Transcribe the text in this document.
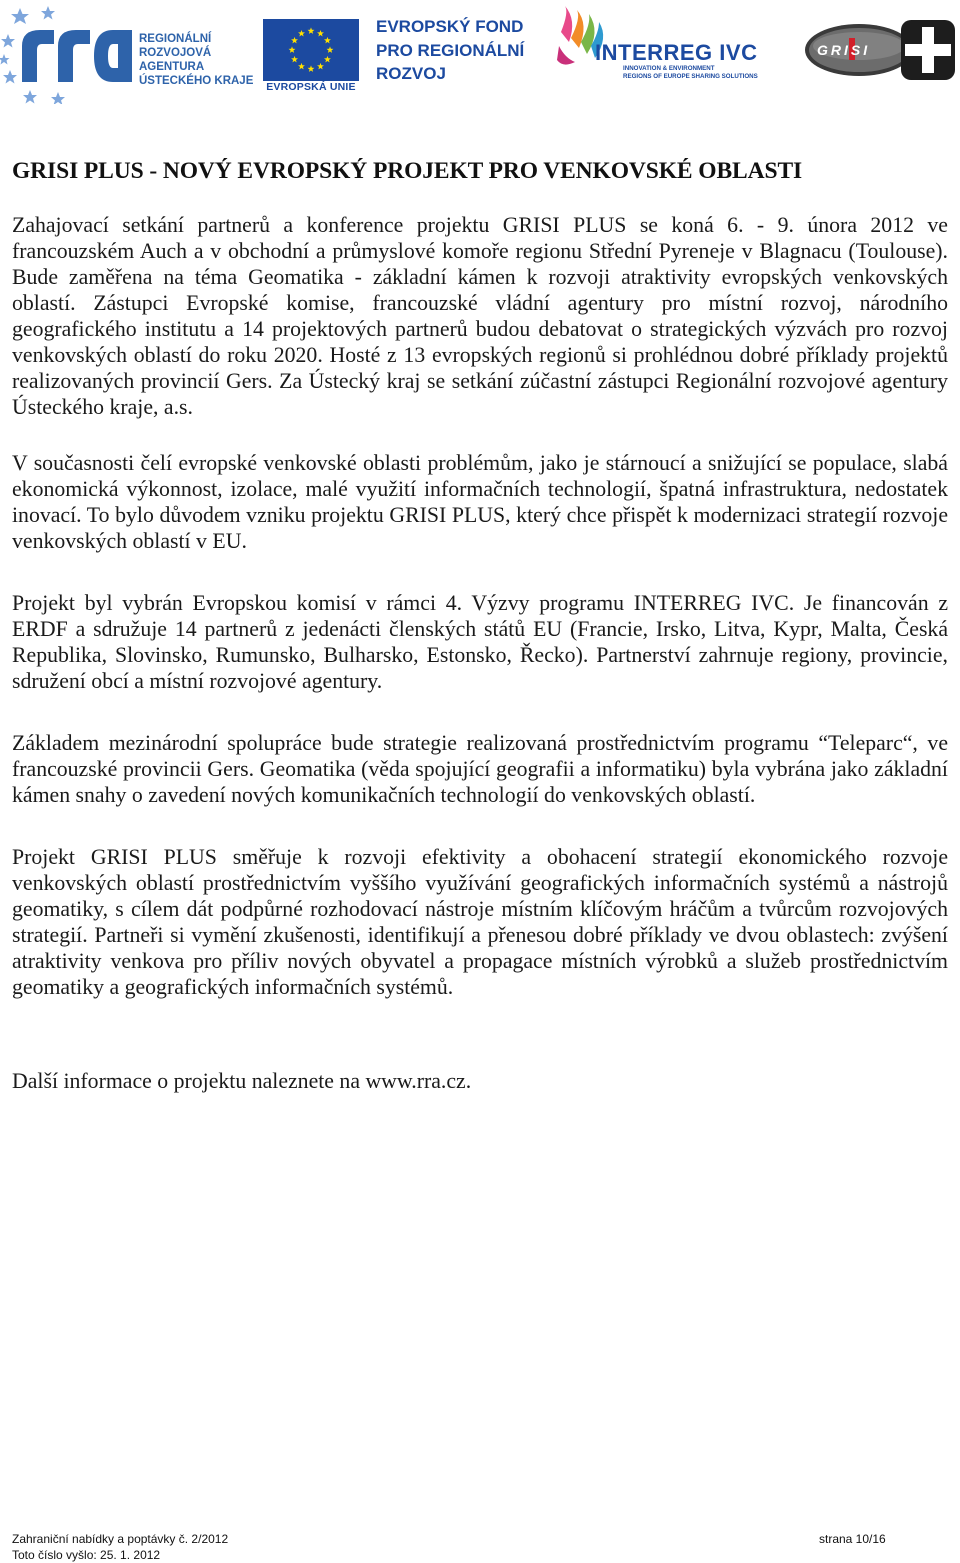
REGIONÁLNÍ
ROZVOJOVÁ
AGENTURA
ÚSTECKÉHO KRAJE	EVROPSKÁ UNIE
EVROPSKÝ FOND
PRO REGIONÁLNÍ
ROZVOJ
INTERREG IVC
INNOVATION & ENVIRONMENT
REGIONS OF EUROPE SHARING SOLUTIONS
GRISI
GRISI PLUS - NOVÝ EVROPSKÝ PROJEKT PRO VENKOVSKÉ OBLASTI

Zahajovací setkání partnerů a konference projektu GRISI PLUS se koná 6. - 9. února 2012 ve francouzském Auch a v obchodní a průmyslové komoře regionu Střední Pyreneje v Blagnacu (Toulouse). Bude zaměřena na téma Geomatika - základní kámen k rozvoji atraktivity evropských venkovských oblastí. Zástupci Evropské komise, francouzské vládní agentury pro místní rozvoj, národního geografického institutu a 14 projektových partnerů budou debatovat o strategických výzvách pro rozvoj venkovských oblastí do roku 2020. Hosté z 13 evropských regionů si prohlédnou dobré příklady projektů realizovaných provincií Gers. Za Ústecký kraj se setkání zúčastní zástupci Regionální rozvojové agentury Ústeckého kraje, a.s.

V současnosti čelí evropské venkovské oblasti problémům, jako je stárnoucí a snižující se populace, slabá ekonomická výkonnost, izolace, malé využití informačních technologií, špatná infrastruktura, nedostatek inovací. To bylo důvodem vzniku projektu GRISI PLUS, který chce přispět k modernizaci strategií rozvoje venkovských oblastí v EU.

Projekt byl vybrán Evropskou komisí v rámci 4. Výzvy programu INTERREG IVC. Je financován z ERDF a sdružuje 14 partnerů z jedenácti členských států EU (Francie, Irsko, Litva, Kypr, Malta, Česká Republika, Slovinsko, Rumunsko, Bulharsko, Estonsko, Řecko). Partnerství zahrnuje regiony, provincie, sdružení obcí a místní rozvojové agentury.

Základem mezinárodní spolupráce bude strategie realizovaná prostřednictvím programu “Teleparc“, ve francouzské provincii Gers. Geomatika (věda spojující geografii a informatiku) byla vybrána jako základní kámen snahy o zavedení nových komunikačních technologií do venkovských oblastí.

Projekt GRISI PLUS směřuje k rozvoji efektivity a obohacení strategií ekonomického rozvoje venkovských oblastí prostřednictvím vyššího využívání geografických informačních systémů a nástrojů geomatiky, s cílem dát podpůrné rozhodovací nástroje místním klíčovým hráčům a tvůrcům rozvojových strategií. Partneři si vymění zkušenosti, identifikují a přenesou dobré příklady ve dvou oblastech: zvýšení atraktivity venkova pro příliv nových obyvatel a propagace místních výrobků a služeb prostřednictvím geomatiky a geografických informačních systémů.

Další informace o projektu naleznete na www.rra.cz.

Zahraniční nabídky a poptávky č. 2/2012	strana 10/16
Toto číslo vyšlo: 25. 1. 2012
